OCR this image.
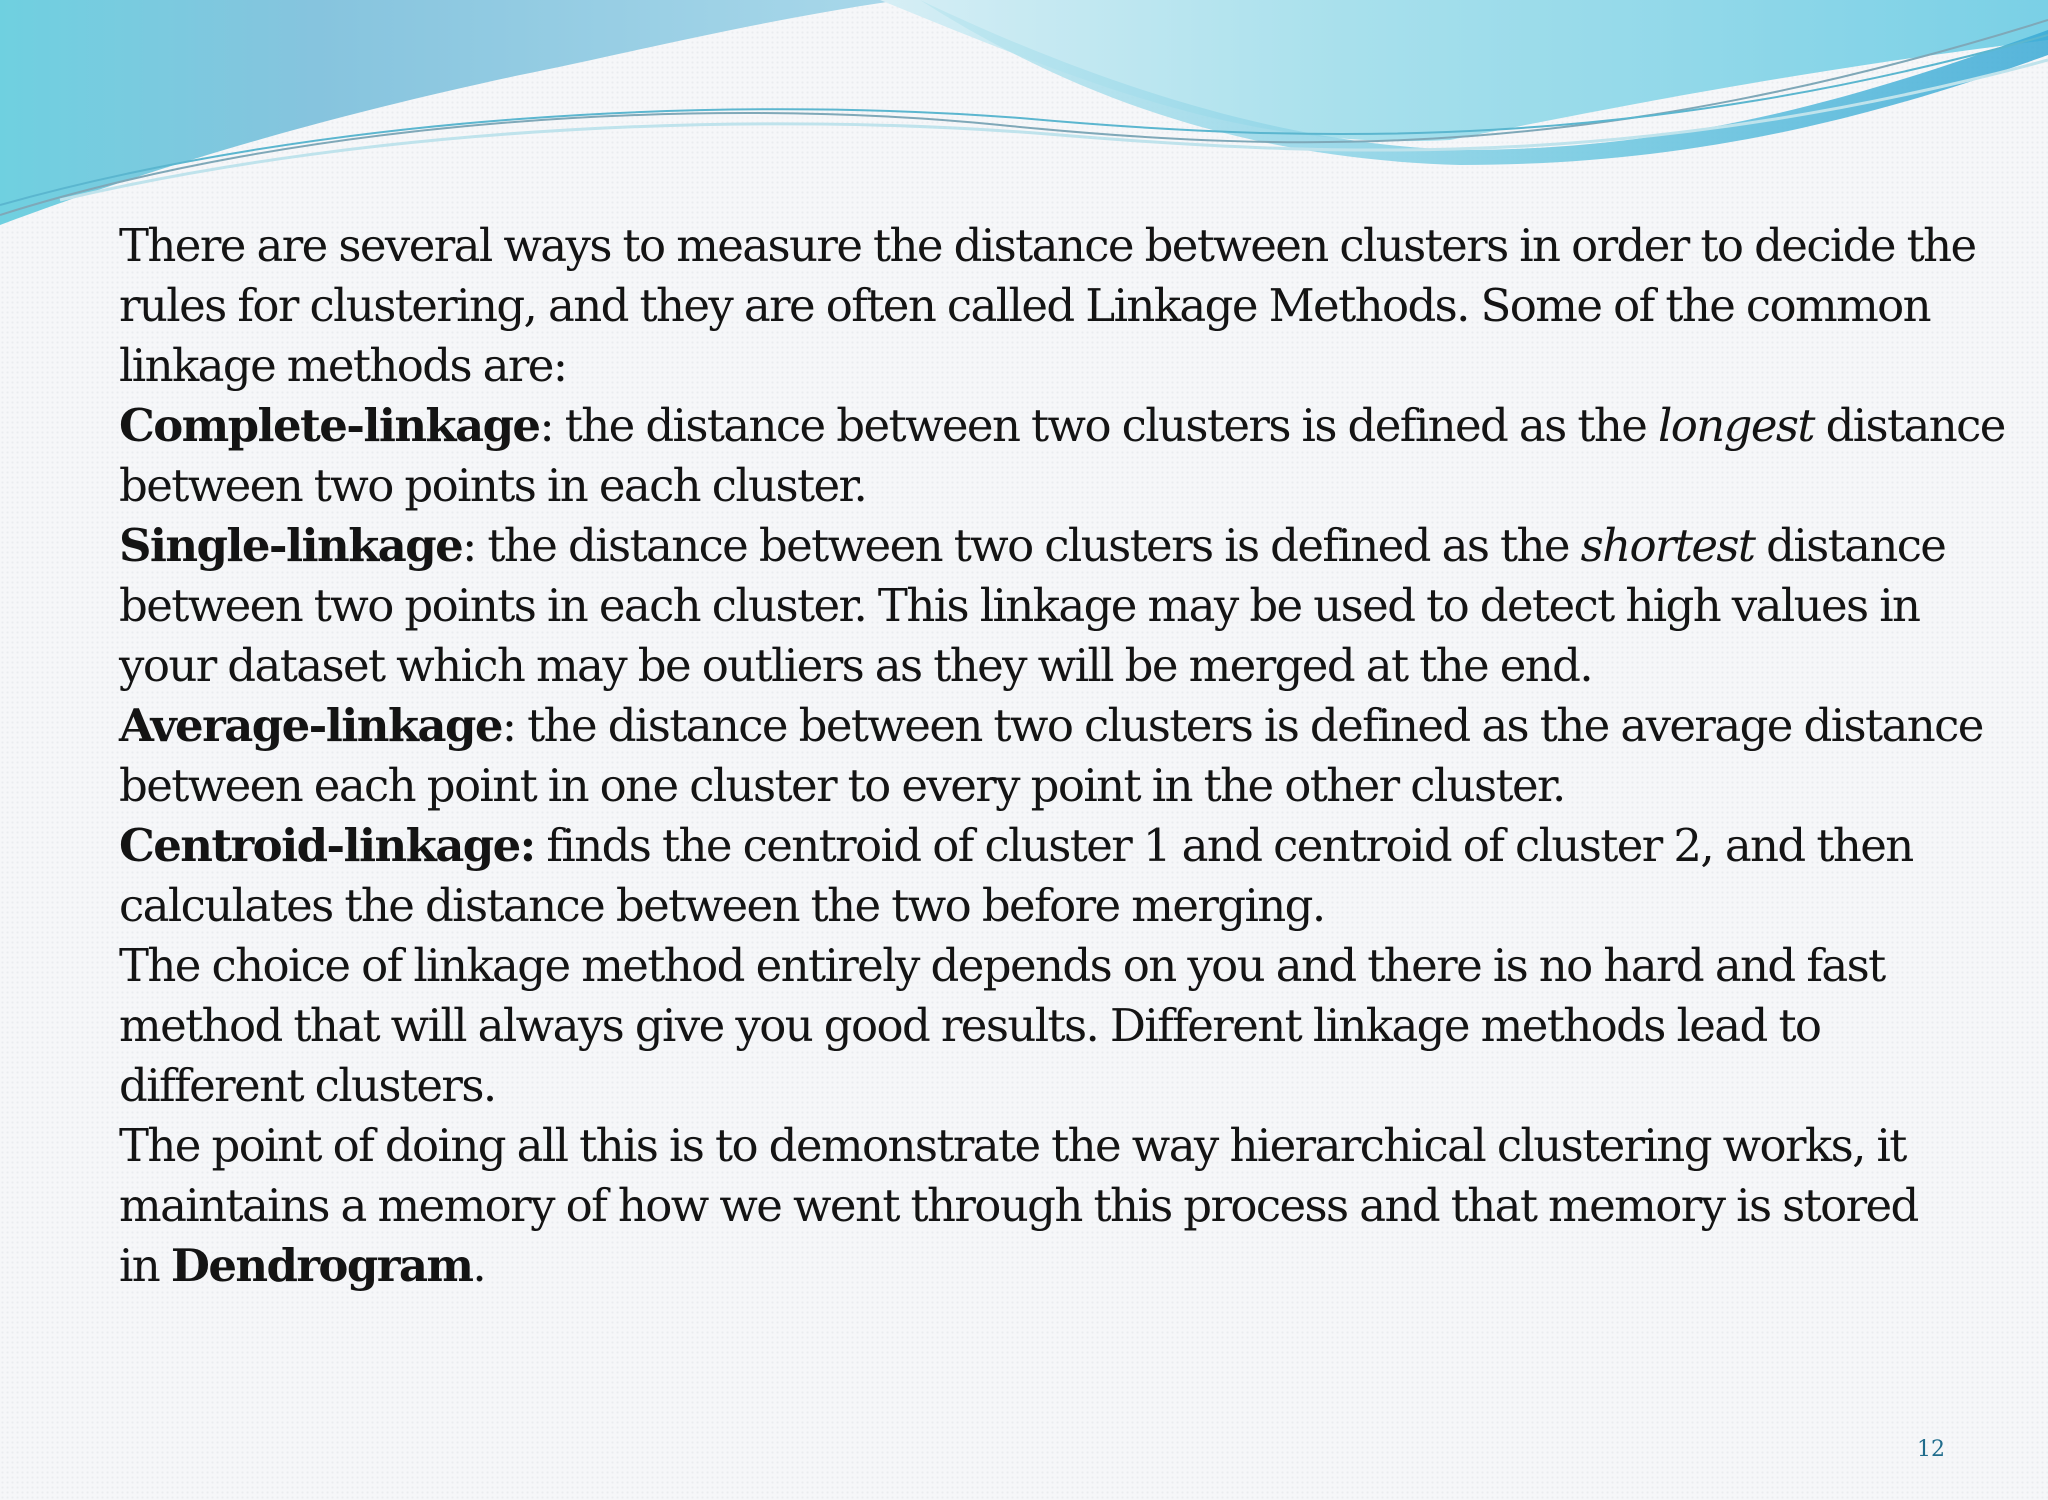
There are several ways to measure the distance between clusters in order to decide the
rules for clustering, and they are often called Linkage Methods. Some of the common
linkage methods are:

Complete-linkage: the distance between two clusters is defined as the longest distance
between two points in each cluster.

Single-linkage: the distance between two clusters is defined as the shortest distance
between two points in each cluster. This linkage may be used to detect high values in
your dataset which may be outliers as they will be merged at the end.

Average-linkage: the distance between two clusters is defined as the average distance
between each point in one cluster to every point in the other cluster.

Centroid-linkage: finds the centroid of cluster 1 and centroid of cluster 2, and then
calculates the distance between the two before merging.

The choice of linkage method entirely depends on you and there is no hard and fast
method that will always give you good results. Different linkage methods lead to
different clusters.

The point of doing all this is to demonstrate the way hierarchical clustering works, it
maintains a memory of how we went through this process and that memory is stored
in Dendrogram.

12
